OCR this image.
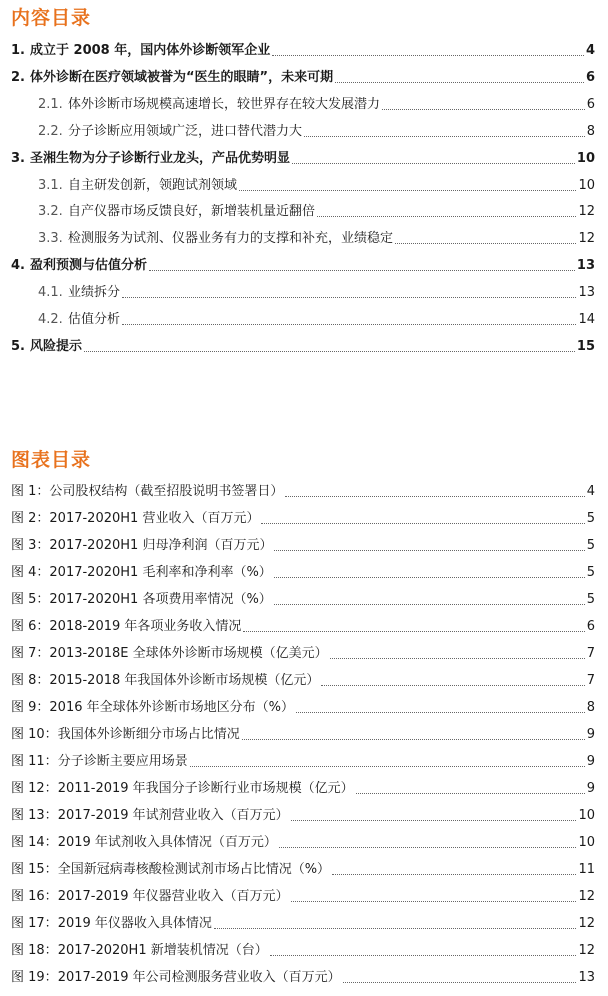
内容目录
1. 成立于 2008 年，国内体外诊断领军企业	4
2. 体外诊断在医疗领域被誉为“医生的眼睛”，未来可期	6
2.1. 体外诊断市场规模高速增长，较世界存在较大发展潜力	6
2.2. 分子诊断应用领域广泛，进口替代潜力大	8
3. 圣湘生物为分子诊断行业龙头，产品优势明显	10
3.1. 自主研发创新，领跑试剂领域	10
3.2. 自产仪器市场反馈良好，新增装机量近翻倍	12
3.3. 检测服务为试剂、仪器业务有力的支撑和补充，业绩稳定	12
4. 盈利预测与估值分析	13
4.1. 业绩拆分	13
4.2. 估值分析	14
5. 风险提示	15
图表目录
图 1： 公司股权结构（截至招股说明书签署日）	4
图 2： 2017-2020H1 营业收入（百万元）	5
图 3： 2017-2020H1 归母净利润（百万元）	5
图 4： 2017-2020H1 毛利率和净利率（%）	5
图 5： 2017-2020H1 各项费用率情况（%）	5
图 6： 2018-2019 年各项业务收入情况	6
图 7： 2013-2018E 全球体外诊断市场规模（亿美元）	7
图 8： 2015-2018 年我国体外诊断市场规模（亿元）	7
图 9： 2016 年全球体外诊断市场地区分布（%）	8
图 10： 我国体外诊断细分市场占比情况	9
图 11： 分子诊断主要应用场景	9
图 12： 2011-2019 年我国分子诊断行业市场规模（亿元）	9
图 13： 2017-2019 年试剂营业收入（百万元）	10
图 14： 2019 年试剂收入具体情况（百万元）	10
图 15： 全国新冠病毒核酸检测试剂市场占比情况（%）	11
图 16： 2017-2019 年仪器营业收入（百万元）	12
图 17： 2019 年仪器收入具体情况	12
图 18： 2017-2020H1 新增装机情况（台）	12
图 19： 2017-2019 年公司检测服务营业收入（百万元）	13
